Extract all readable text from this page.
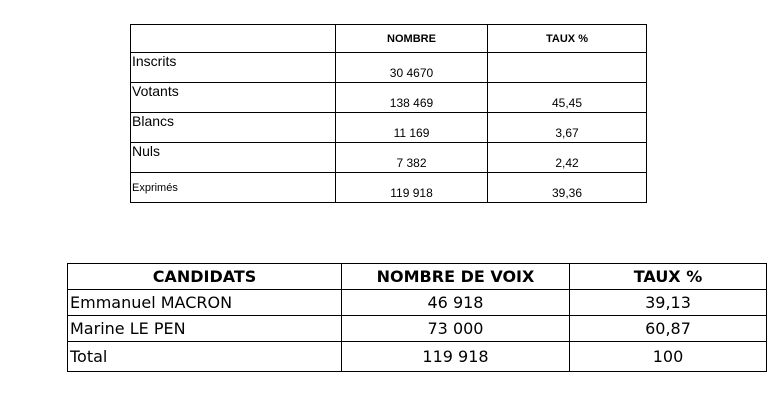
	NOMBRE	TAUX %
Inscrits	30 4670	
Votants	138 469	45,45
Blancs	11 169	3,67
Nuls	7 382	2,42
Exprimés	119 918	39,36
CANDIDATS	NOMBRE DE VOIX	TAUX %
Emmanuel MACRON	46 918	39,13
Marine LE PEN	73 000	60,87
Total	119 918	100
